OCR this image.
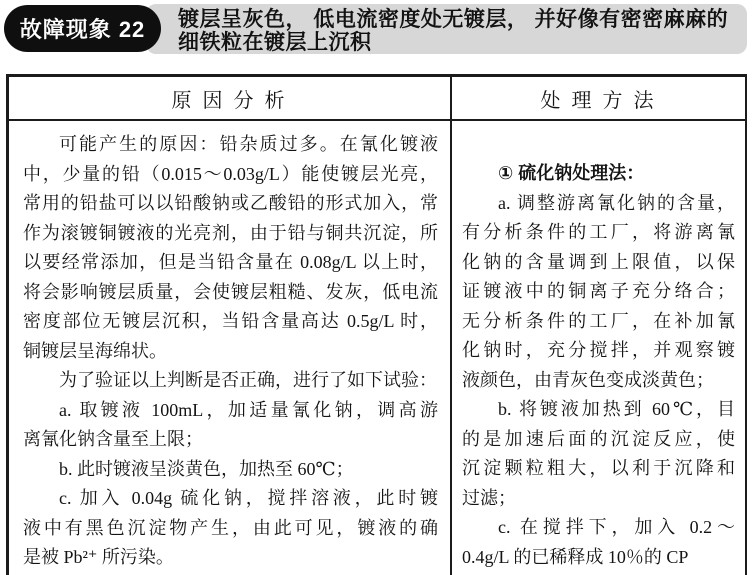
镀层呈灰色， 低电流密度处无镀层， 并好像有密密麻麻的
细铁粒在镀层上沉积
故障现象 22
原 因 分 析	处 理 方 法
可能产生的原因：铅杂质过多。在氰化镀液
中，少量的铅（0.015～0.03g/L）能使镀层光亮，
常用的铅盐可以以铅酸钠或乙酸铅的形式加入，常
作为滚镀铜镀液的光亮剂，由于铅与铜共沉淀，所
以要经常添加，但是当铅含量在 0.08g/L 以上时，
将会影响镀层质量，会使镀层粗糙、发灰，低电流
密度部位无镀层沉积，当铅含量高达 0.5g/L 时，
铜镀层呈海绵状。
为了验证以上判断是否正确，进行了如下试验：
a. 取镀液 100mL，加适量氰化钠，调高游
离氰化钠含量至上限；
b. 此时镀液呈淡黄色，加热至 60℃；
c. 加入 0.04g 硫化钠，搅拌溶液，此时镀
液中有黑色沉淀物产生，由此可见，镀液的确
是被 Pb²⁺ 所污染。
① 硫化钠处理法：
a. 调整游离氰化钠的含量，
有分析条件的工厂，将游离氰
化钠的含量调到上限值，以保
证镀液中的铜离子充分络合；
无分析条件的工厂，在补加氰
化钠时，充分搅拌，并观察镀
液颜色，由青灰色变成淡黄色；
b. 将镀液加热到 60℃，目
的是加速后面的沉淀反应，使
沉淀颗粒粗大，以利于沉降和
过滤；
c. 在搅拌下，加入 0.2～
0.4g/L 的已稀释成 10％的 CP
